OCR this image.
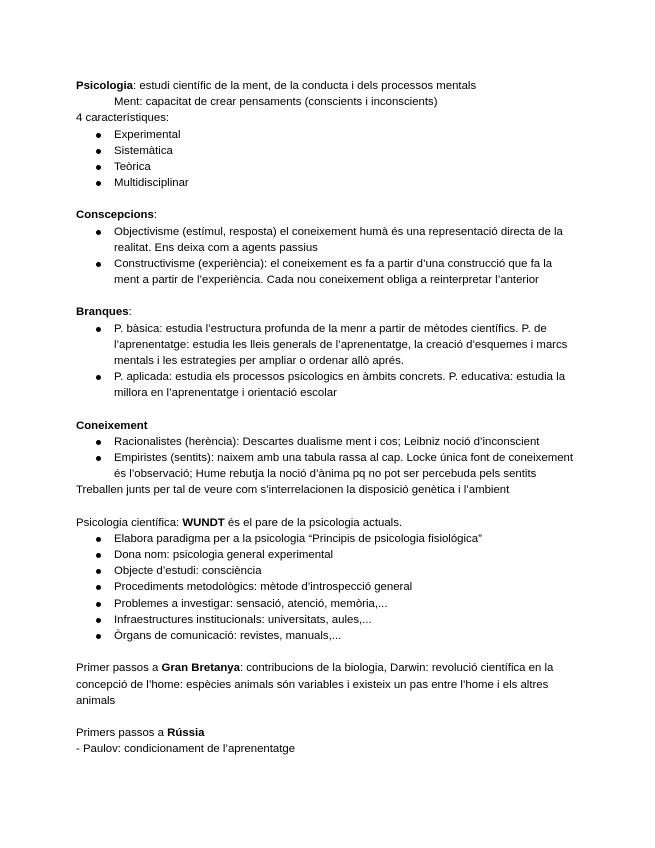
Psicologia: estudi científic de la ment, de la conducta i dels processos mentals

Ment: capacitat de crear pensaments (conscients i inconscients)

4 característiques:

Experimental
Sistemàtica
Teòrica
Multidisciplinar

Conscepcions:

Objectivisme (estímul, resposta) el coneixement humà és una representació directa de la realitat. Ens deixa com a agents passius
Constructivisme (experiència): el coneixement es fa a partir d’una construcció que fa la ment a partir de l’experiència. Cada nou coneixement obliga a reinterpretar l’anterior

Branques:

P. bàsica: estudia l’estructura profunda de la menr a partir de mètodes científics. P. de l’aprenentatge: estudia les lleis generals de l’aprenentatge, la creació d’esquemes i marcs mentals i les estrategies per ampliar o ordenar allò aprés.
P. aplicada: estudia els processos psicologics en àmbits concrets. P. educativa: estudia la millora en l’aprenentatge i orientació escolar

Coneixement

Racionalistes (herència): Descartes dualisme ment i cos; Leibniz noció d’inconscient
Empiristes (sentits): naixem amb una tabula rassa al cap. Locke única font de coneixement és l’observació; Hume rebutja la noció d’ànima pq no pot ser percebuda pels sentits

Treballen junts per tal de veure com s’interrelacionen la disposició genètica i l’ambient

Psicologia científica: WUNDT és el pare de la psicologia actuals.

Elabora paradigma per a la psicologia “Principis de psicologia fisiológica”
Dona nom: psicologia general experimental
Objecte d’estudi: consciència
Procediments metodològics: mètode d’introspecció general
Problemes a investigar: sensació, atenció, memòria,...
Infraestructures institucionals: universitats, aules,...
Òrgans de comunicació: revistes, manuals,...

Primer passos a Gran Bretanya: contribucions de la biologia, Darwin: revolució científica en la concepció de l’home: espècies animals són variables i existeix un pas entre l’home i els altres animals

Primers passos a Rússia

- Paulov: condicionament de l’aprenentatge
